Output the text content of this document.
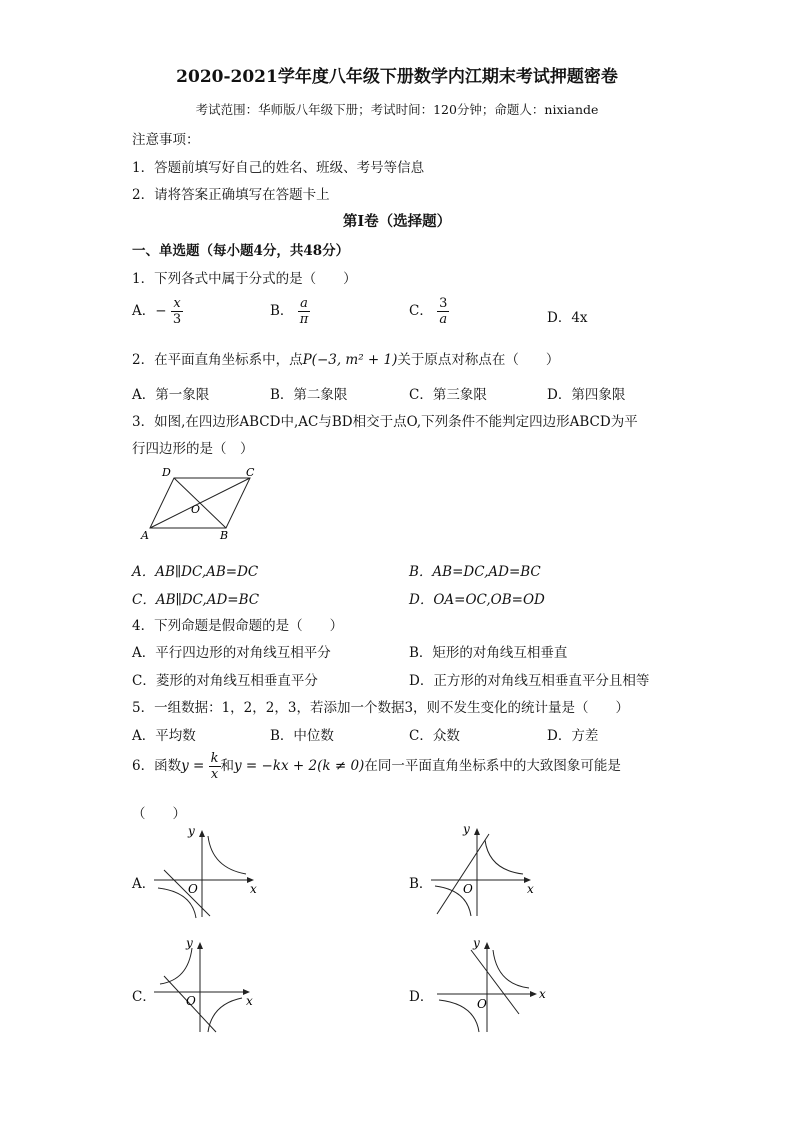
2020-2021学年度八年级下册数学内江期末考试押题密卷
考试范围：华师版八年级下册；考试时间：120分钟；命题人：nixiande
注意事项：
1．答题前填写好自己的姓名、班级、考号等信息
2．请将答案正确填写在答题卡上
第I卷（选择题）
一、单选题（每小题4分，共48分）
1．下列各式中属于分式的是（　　）
A．− $\frac{x}{3}$	B． $\frac{a}{\pi}$	C． $\frac{3}{a}$	D．4x
2．在平面直角坐标系中，点P(−3, m² + 1)关于原点对称点在（　　）
A．第一象限	B．第二象限	C．第三象限	D．第四象限
3．如图,在四边形ABCD中,AC与BD相交于点O,下列条件不能判定四边形ABCD为平
行四边形的是（　）
A	B
C
D
O
A．AB∥DC,AB=DC	B．AB=DC,AD=BC
C．AB∥DC,AD=BC	D．OA=OC,OB=OD
4．下列命题是假命题的是（　　）
A．平行四边形的对角线互相平分	B．矩形的对角线互相垂直
C．菱形的对角线互相垂直平分	D．正方形的对角线互相垂直平分且相等
5．一组数据：1，2，2，3，若添加一个数据3，则不发生变化的统计量是（　　）
A．平均数	B．中位数	C．众数	D．方差
6．函数$y = \frac{k}{x}$ 和y = −kx + 2(k ≠ 0)在同一平面直角坐标系中的大致图象可能是
（　　）
A．	x
y
O	B．	x
y
O
C．	x
y
O	D．	x
y
O
